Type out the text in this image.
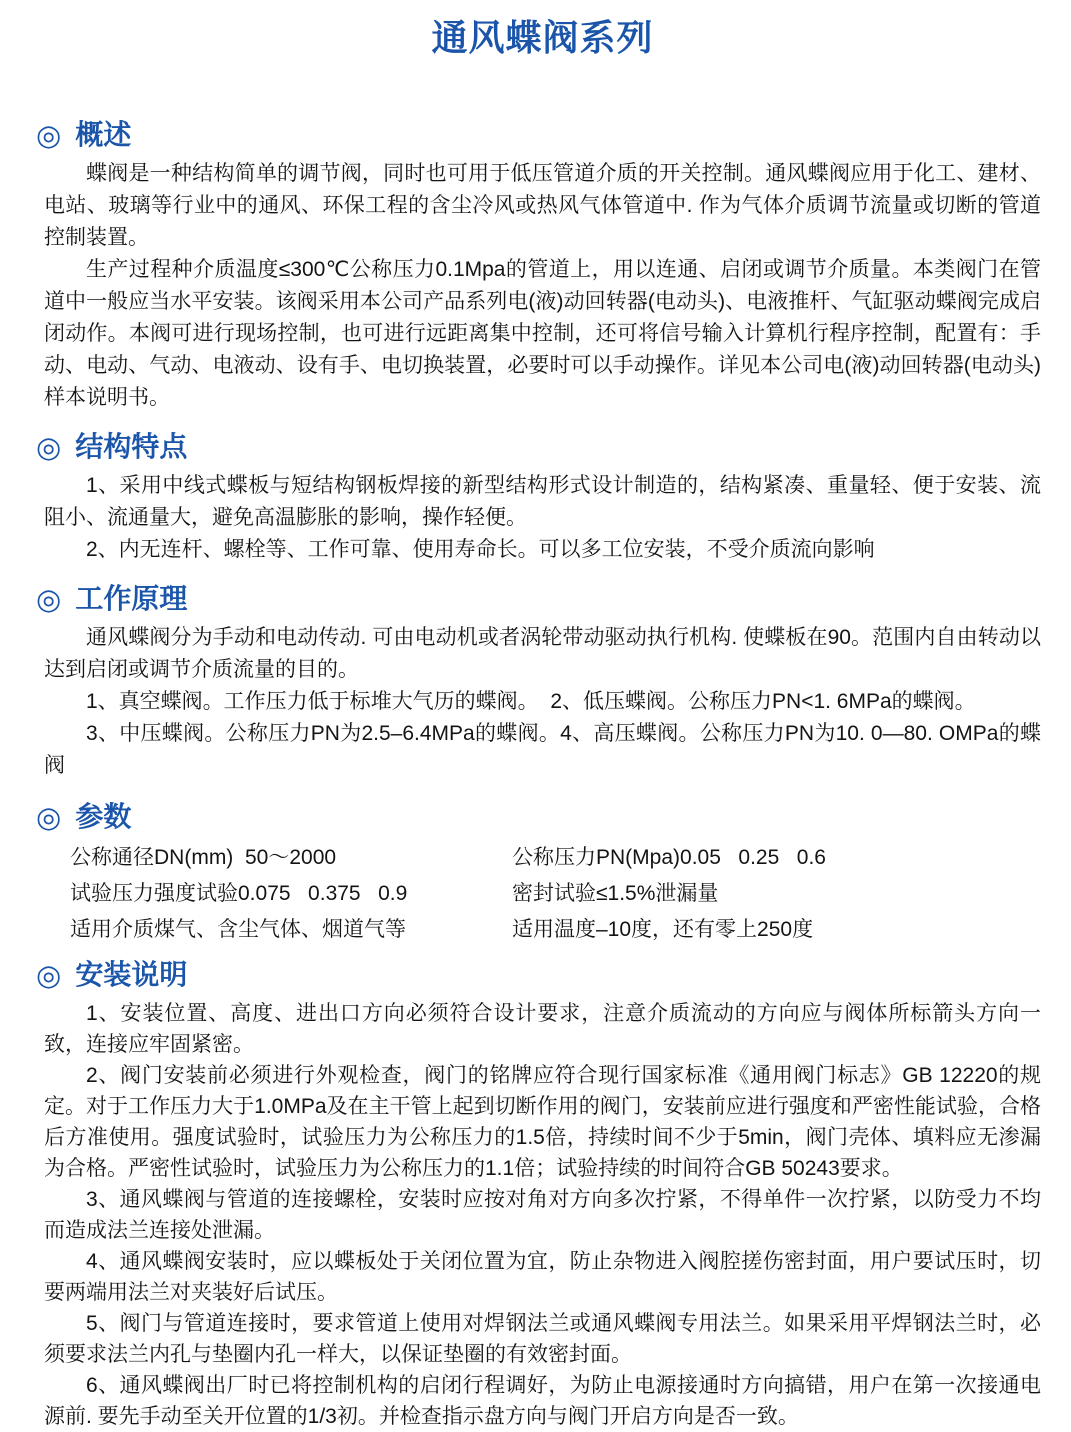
通风蝶阀系列
◎ 概述

蝶阀是一种结构简单的调节阀，同时也可用于低压管道介质的开关控制。通风蝶阀应用于化工、建材、电站、玻璃等行业中的通风、环保工程的含尘冷风或热风气体管道中. 作为气体介质调节流量或切断的管道控制装置。

生产过程种介质温度≤300℃公称压力0.1Mpa的管道上，用以连通、启闭或调节介质量。本类阀门在管道中一般应当水平安装。该阀采用本公司产品系列电(液)动回转器(电动头)、电液推杆、气缸驱动蝶阀完成启闭动作。本阀可进行现场控制，也可进行远距离集中控制，还可将信号输入计算机行程序控制，配置有：手动、电动、气动、电液动、设有手、电切换装置，必要时可以手动操作。详见本公司电(液)动回转器(电动头)样本说明书。

◎ 结构特点

1、采用中线式蝶板与短结构钢板焊接的新型结构形式设计制造的，结构紧凑、重量轻、便于安装、流阻小、流通量大，避免高温膨胀的影响，操作轻便。

2、内无连杆、螺栓等、工作可靠、使用寿命长。可以多工位安装，不受介质流向影响

◎ 工作原理

通风蝶阀分为手动和电动传动. 可由电动机或者涡轮带动驱动执行机构. 使蝶板在90。范围内自由转动以达到启闭或调节介质流量的目的。

1、真空蝶阀。工作压力低于标堆大气历的蝶阀。  2、低压蝶阀。公称压力PN<1. 6MPa的蝶阀。

3、中压蝶阀。公称压力PN为2.5–6.4MPa的蝶阀。4、高压蝶阀。公称压力PN为10. 0—80. OMPa的蝶阀

◎ 参数
公称通径DN(mm)  50～2000
试验压力强度试验0.075   0.375   0.9
适用介质煤气、含尘气体、烟道气等
公称压力PN(Mpa)0.05   0.25   0.6
密封试验≤1.5%泄漏量
适用温度–10度，还有零上250度
◎ 安装说明

1、安装位置、高度、进出口方向必须符合设计要求，注意介质流动的方向应与阀体所标箭头方向一致，连接应牢固紧密。

2、阀门安装前必须进行外观检查，阀门的铭牌应符合现行国家标准《通用阀门标志》GB 12220的规定。对于工作压力大于1.0MPa及在主干管上起到切断作用的阀门，安装前应进行强度和严密性能试验，合格后方准使用。强度试验时，试验压力为公称压力的1.5倍，持续时间不少于5min，阀门壳体、填料应无渗漏为合格。严密性试验时，试验压力为公称压力的1.1倍；试验持续的时间符合GB 50243要求。

3、通风蝶阀与管道的连接螺栓，安装时应按对角对方向多次拧紧，不得单件一次拧紧，以防受力不均而造成法兰连接处泄漏。

4、通风蝶阀安装时，应以蝶板处于关闭位置为宜，防止杂物进入阀腔搓伤密封面，用户要试压时，切要两端用法兰对夹装好后试压。

5、阀门与管道连接时，要求管道上使用对焊钢法兰或通风蝶阀专用法兰。如果采用平焊钢法兰时，必须要求法兰内孔与垫圈内孔一样大，以保证垫圈的有效密封面。

6、通风蝶阀出厂时已将控制机构的启闭行程调好，为防止电源接通时方向搞错，用户在第一次接通电源前. 要先手动至关开位置的1/3初。并检查指示盘方向与阀门开启方向是否一致。
